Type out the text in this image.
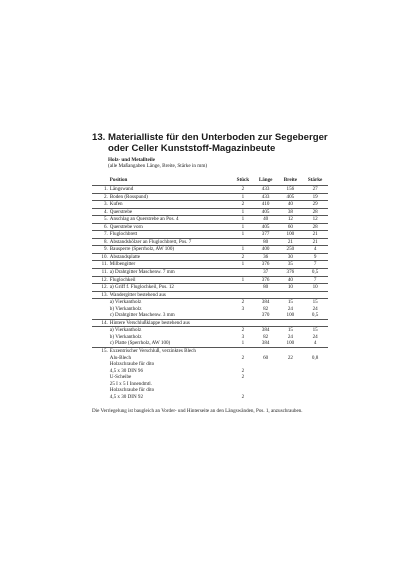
13. Materialliste für den Unterboden zur Segeberger
oder Celler Kunststoff-Magazinbeute
Holz- und Metallteile
(alle Maßangaben Länge, Breite, Stärke in mm)
	Position	Stück	Länge	Breite	Stärke
1.	Längswand	2	433	156	27
2.	Boden (Rosspund)	1	433	405	19
3.	Kufen	2	410	40	29
4.	Querstrebe	1	405	38	28
5.	Anschlag an Querstrebe an Pos. 4	1	40	12	12
6.	Querstrebe vorn	1	405	60	28
7.	Fluglochbrett	1	377	100	21
8.	Abstandshölzer an Fluglochbrett, Pos. 7		80	21	21
9.	Bausperre (Sperrholz, AW 100)	1	400	250	4
10.	Abstandsplatte	2	36	30	9
11.	Milbengitter	1	376	35	7
11.	a) Drahtgitter Maschenw. 7 mm		37	376	0,5
12.	Fluglochkeil	1	376	40	7
12.	a) Griff f. Fluglochkeil, Pos. 12		80	10	10
13.	Wandergitter bestehend aus				
	a) Vierkantholz	2	384	15	15
	b) Vierkantholz	3	82	24	24
	c) Drahtgitter Maschenw. 3 mm		370	100	0,5
14.	Hintere Verschlußklappe bestehend aus				
	a) Vierkantholz	2	384	15	15
	b) Vierkantholz	3	82	24	24
	c) Platte (Sperrholz, AW 100)	1	384	100	4
15.	Exzentrischer Verschluß, verzinktes Blech				
	Alu-Blech	2	60	22	0,8
	Holzschraube für dito				
	4,5 x 30 DIN 96	2			
	U-Scheibe	2			
	25 I x 5 I Innendmtl.				
	Holzschraube für dito				
	4,5 x 30 DIN 92	2			
Die Verriegelung ist baugleich an Vorder- und Hinterseite an den Längswänden, Pos. 1, anzuschrauben.
